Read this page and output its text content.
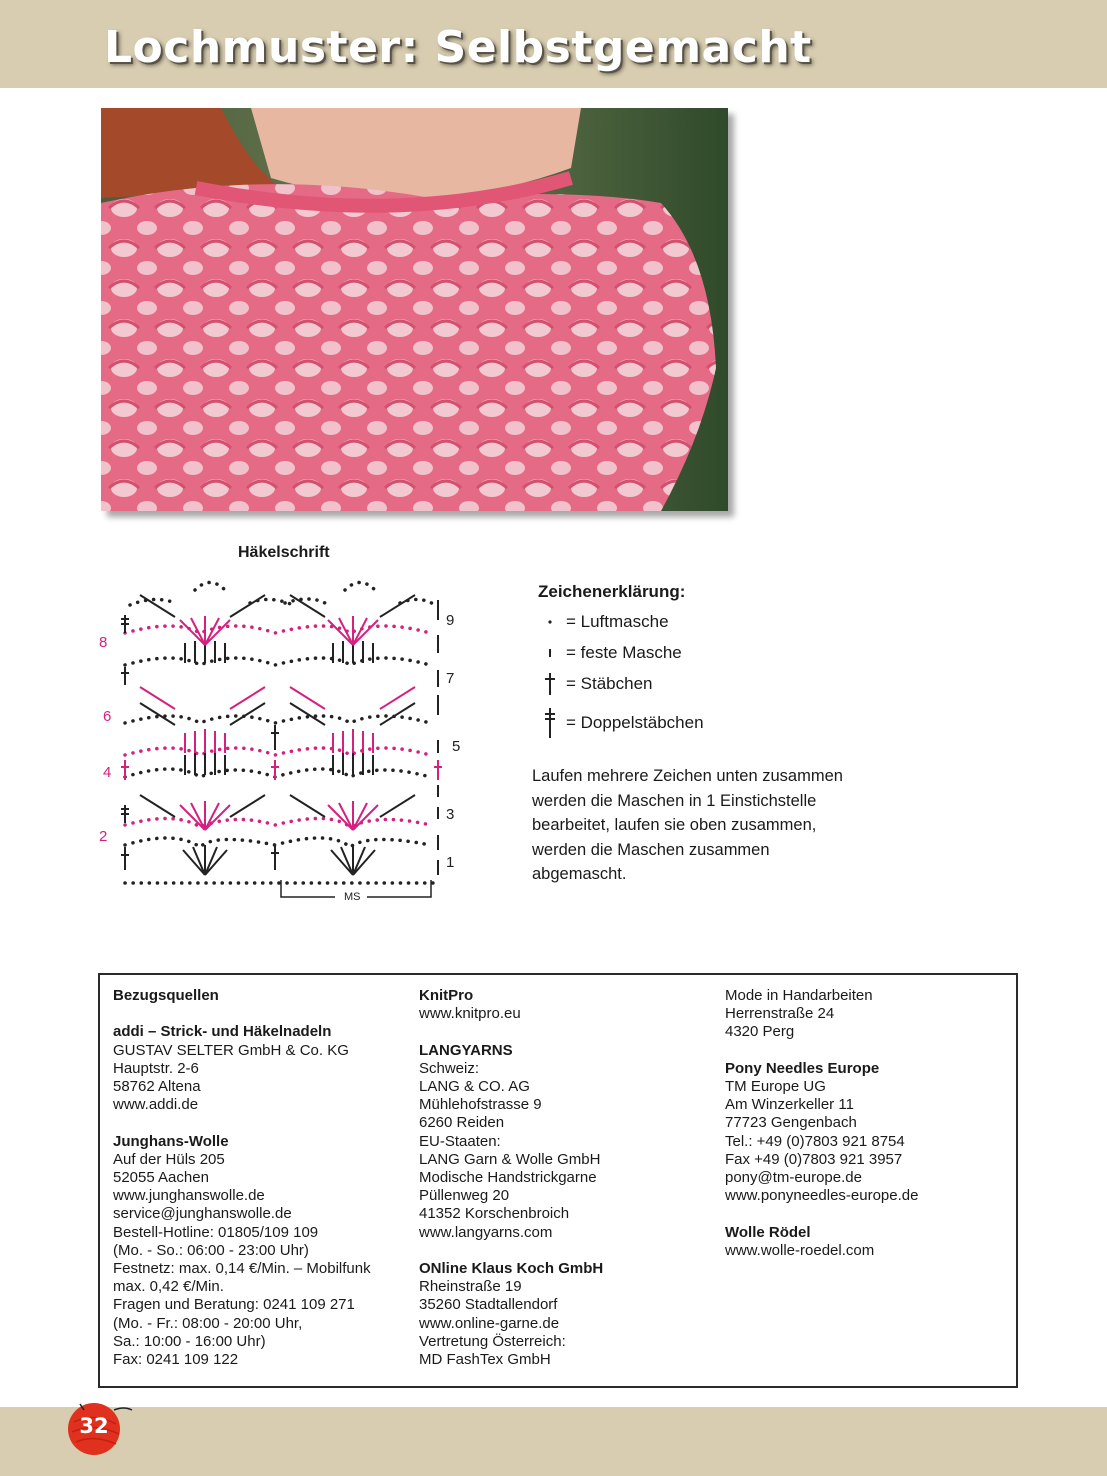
Lochmuster: Selbstgemacht
Häkelschrift
8
6
4
2
9
7
5
3
1
MS
Zeichenerklärung:
= Luftmasche
= feste Masche
= Stäbchen
= Doppelstäbchen
Laufen mehrere Zeichen unten zusammen
werden die Maschen in 1 Einstichstelle
bearbeitet, laufen sie oben zusammen,
werden die Maschen zusammen
abgemascht.

Bezugsquellen

addi – Strick- und Häkelnadeln

GUSTAV SELTER GmbH & Co. KG

Hauptstr. 2-6

58762 Altena

www.addi.de

Junghans-Wolle

Auf der Hüls 205

52055 Aachen

www.junghanswolle.de

service@junghanswolle.de

Bestell-Hotline: 01805/109 109

(Mo. - So.: 06:00 - 23:00 Uhr)

Festnetz: max. 0,14 €/Min. – Mobilfunk

max. 0,42 €/Min.

Fragen und Beratung: 0241 109 271

(Mo. - Fr.: 08:00 - 20:00 Uhr,

Sa.: 10:00 - 16:00 Uhr)

Fax: 0241 109 122

KnitPro

www.knitpro.eu

LANGYARNS

Schweiz:

LANG & CO. AG

Mühlehofstrasse 9

6260 Reiden

EU-Staaten:

LANG Garn & Wolle GmbH

Modische Handstrickgarne

Püllenweg 20

41352 Korschenbroich

www.langyarns.com

ONline Klaus Koch GmbH

Rheinstraße 19

35260 Stadtallendorf

www.online-garne.de

Vertretung Österreich:

MD FashTex GmbH

Mode in Handarbeiten

Herrenstraße 24

4320 Perg

Pony Needles Europe

TM Europe UG

Am Winzerkeller 11

77723 Gengenbach

Tel.: +49 (0)7803 921 8754

Fax +49 (0)7803 921 3957

pony@tm-europe.de

www.ponyneedles-europe.de

Wolle Rödel

www.wolle-roedel.com

32
